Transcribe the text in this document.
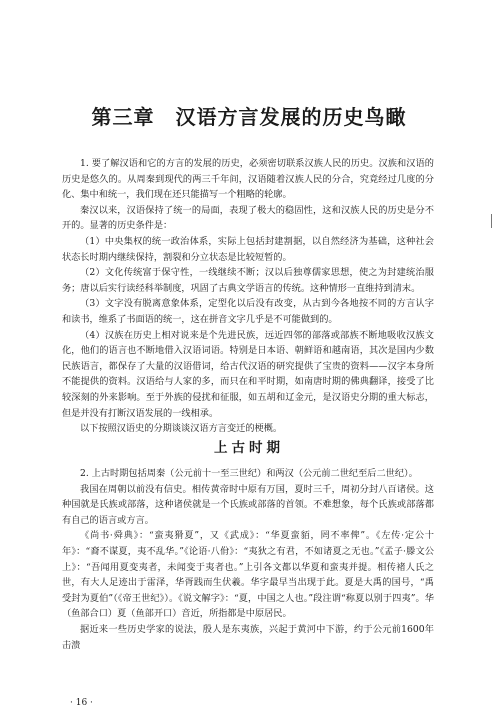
第三章　汉语方言发展的历史鸟瞰

1. 要了解汉语和它的方言的发展的历史，必须密切联系汉族人民的历史。汉族和汉语的历史是悠久的。从周秦到现代的两三千年间，汉语随着汉族人民的分合，究竟经过几度的分化、集中和统一，我们现在还只能描写一个粗略的轮廓。

秦汉以来，汉语保持了统一的局面，表现了极大的稳固性，这和汉族人民的历史是分不开的。显著的历史条件是：

（1）中央集权的统一政治体系，实际上包括封建割据，以自然经济为基础，这种社会状态长时期内继续保持，割裂和分立状态是比较短暂的。

（2）文化传统富于保守性，一线继续不断；汉以后独尊儒家思想，使之为封建统治服务；唐以后实行读经科举制度，巩固了古典文学语言的传统。这种情形一直维持到清末。

（3）文字没有脱离意象体系，定型化以后没有改变，从古到今各地按不同的方言认字和读书，维系了书面语的统一，这在拼音文字几乎是不可能做到的。

（4）汉族在历史上相对说来是个先进民族，远近四邻的部落或部族不断地吸收汉族文化，他们的语言也不断地借入汉语词语。特别是日本语、朝鲜语和越南语，其次是国内少数民族语言，都保存了大量的汉语借词，给古代汉语的研究提供了宝贵的资料——汉字本身所不能提供的资料。汉语给与人家的多，而只在和平时期，如南唐时期的佛典翻译，接受了比较深刻的外来影响。至于外族的侵扰和征服，如五胡和辽金元，是汉语史分期的重大标志，但是并没有打断汉语发展的一线相承。

以下按照汉语史的分期谈谈汉语方言变迁的梗概。

上古时期

2. 上古时期包括周秦（公元前十一至三世纪）和两汉（公元前二世纪至后二世纪）。

我国在周朝以前没有信史。相传黄帝时中原有万国，夏时三千，周初分封八百诸侯。这种国就是氏族或部落，这种诸侯就是一个氏族或部落的首领。不难想象，每个氏族或部落都有自己的语言或方言。

《尚书·舜典》：“蛮夷猾夏”，又《武成》：“华夏蛮貊，罔不率俾”。《左传·定公十年》：“裔不谋夏，夷不乱华。”《论语·八佾》：“夷狄之有君，不如诸夏之无也。”《孟子·滕文公上》：“吾闻用夏变夷者，未闻变于夷者也。”上引各文都以华夏和蛮夷并提。相传褚人氏之世，有大人足迹出于雷泽，华胥践而生伏羲。华字最早当出现于此。夏是大禹的国号，“禹受封为夏伯”（《帝王世纪》）。《说文解字》：“夏，中国之人也。”段注谓“称夏以别于四夷”。华（鱼部合口）夏（鱼部开口）音近，所指都是中原居民。

据近来一些历史学家的说法，殷人是东夷族，兴起于黄河中下游，约于公元前1600年击溃

· 16 ·
